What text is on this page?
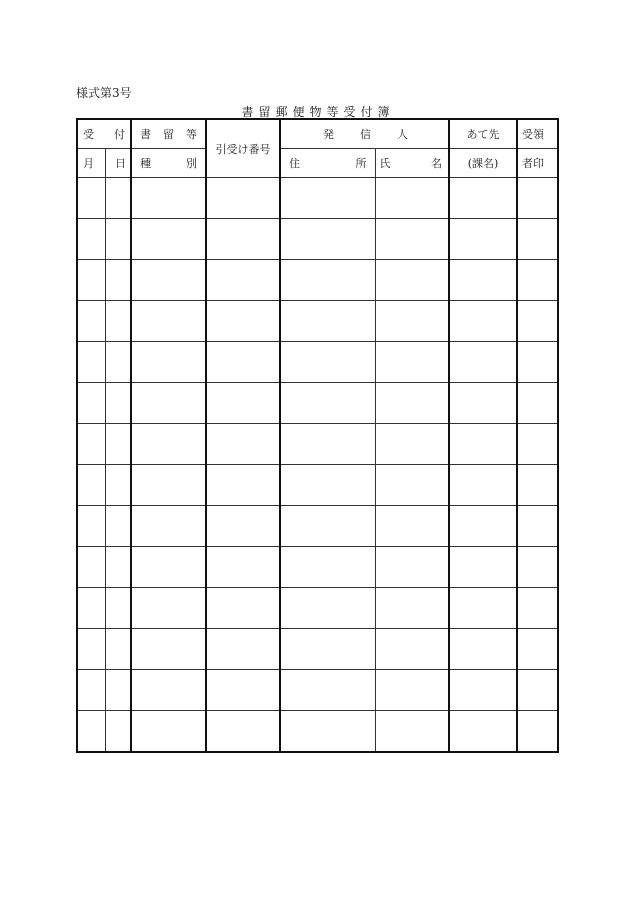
様式第3号
書留郵便物等受付簿
受 付		書 留 等	引受け番号	発 信 人		あて先	受領

月	日	種 別		住 所	氏 名	(課名)	者印
